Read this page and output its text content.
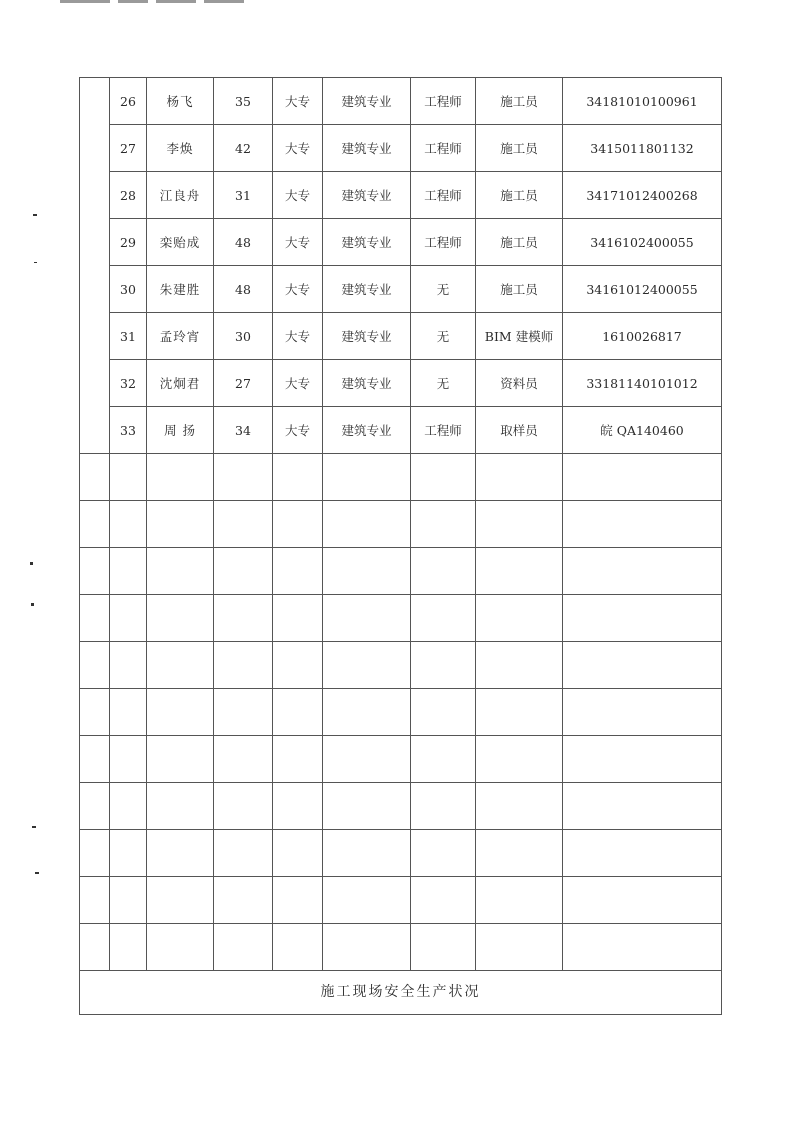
	26	杨飞	35	大专	建筑专业	工程师	施工员	34181010100961
	27	李焕	42	大专	建筑专业	工程师	施工员	3415011801132
	28	江良舟	31	大专	建筑专业	工程师	施工员	34171012400268
	29	栾贻成	48	大专	建筑专业	工程师	施工员	3416102400055
	30	朱建胜	48	大专	建筑专业	无	施工员	34161012400055
	31	孟玲宵	30	大专	建筑专业	无	BIM 建模师	1610026817
	32	沈炯君	27	大专	建筑专业	无	资料员	33181140101012
	33	周 扬	34	大专	建筑专业	工程师	取样员	皖 QA140460

施工现场安全生产状况								
